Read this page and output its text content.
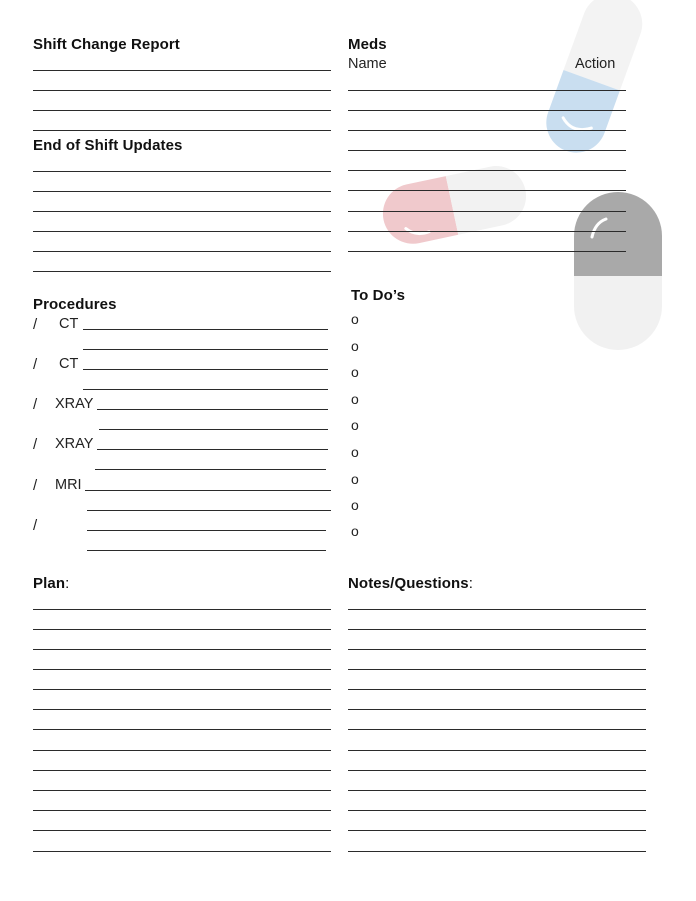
Shift Change Report
End of Shift Updates
Meds
Name	Action
Procedures
/ CT
/ CT
/ XRAY
/ XRAY
/ MRI
/
To Do’s
o
o
o
o
o
o
o
o
o
Plan:	Notes/Questions:
